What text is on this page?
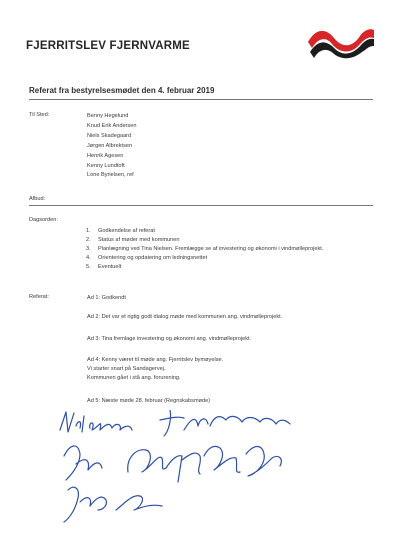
FJERRITSLEV FJERNVARME
Referat fra bestyrelsesmødet den 4. februar 2019
Til Sted:	Benny Hegelund
Knud Erik Andersen
Niels Skadegaard
Jørgen Albrektsen
Henrik Agesen
Kenny Lundtoft
Lone Byrielsen, ref
Afbud:
Dagsorden:
1. Godkendelse af referat
2. Status af møder med kommunen
3. Planlægning ved Tina Nielsen. Fremlægge se af investering og økonomi i vindmølleprojekt.
4. Orientering og opdatering om ledningsnettet
5. Eventuelt
Referat:	Ad 1: Godkendt
Ad 2: Det var et rigtig godt dialog møde med kommunen ang. vindmølleprojekt.
Ad 3: Tina fremlage investering og økonomi ang. vindmølleprojekt.
Ad 4: Kenny været til møde ang. Fjerritslev bymøyelse.
Vi starter snart på Sandagervej.
Kommunen gået i stå ang. forurening.
Ad 5: Næste møde 28. februar (Regnskabsmøde)
